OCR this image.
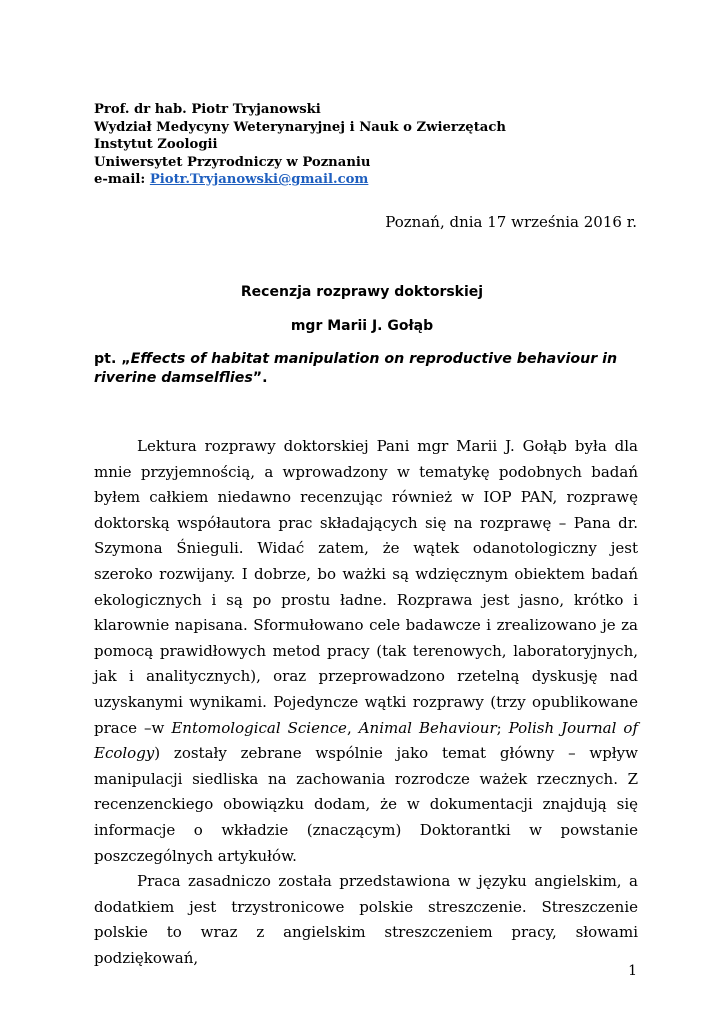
Prof. dr hab. Piotr Tryjanowski
Wydział Medycyny Weterynaryjnej i Nauk o Zwierzętach
Instytut Zoologii
Uniwersytet Przyrodniczy w Poznaniu
e-mail: Piotr.Tryjanowski@gmail.com
Poznań, dnia 17 września 2016 r.
Recenzja rozprawy doktorskiej
mgr Marii J. Gołąb
pt. „Effects of habitat manipulation on reproductive behaviour in riverine damselflies”.

Lektura rozprawy doktorskiej Pani mgr Marii J. Gołąb była dla mnie przyjemnością, a wprowadzony w tematykę podobnych badań byłem całkiem niedawno recenzując również w IOP PAN, rozprawę doktorską współautora prac składających się na rozprawę – Pana dr. Szymona Śnieguli. Widać zatem, że wątek odanotologiczny jest szeroko rozwijany. I dobrze, bo ważki są wdzięcznym obiektem badań ekologicznych i są po prostu ładne. Rozprawa jest jasno, krótko i klarownie napisana. Sformułowano cele badawcze i zrealizowano je za pomocą prawidłowych metod pracy (tak terenowych, laboratoryjnych, jak i analitycznych), oraz przeprowadzono rzetelną dyskusję nad uzyskanymi wynikami. Pojedyncze wątki rozprawy (trzy opublikowane prace –w Entomological Science, Animal Behaviour; Polish Journal of Ecology) zostały zebrane wspólnie jako temat główny – wpływ manipulacji siedliska na zachowania rozrodcze ważek rzecznych. Z recenzenckiego obowiązku dodam, że w dokumentacji znajdują się informacje o wkładzie (znaczącym) Doktorantki w powstanie poszczególnych artykułów.

Praca zasadniczo została przedstawiona w języku angielskim, a dodatkiem jest trzystronicowe polskie streszczenie. Streszczenie polskie to wraz z angielskim streszczeniem pracy, słowami podziękowań,

1
